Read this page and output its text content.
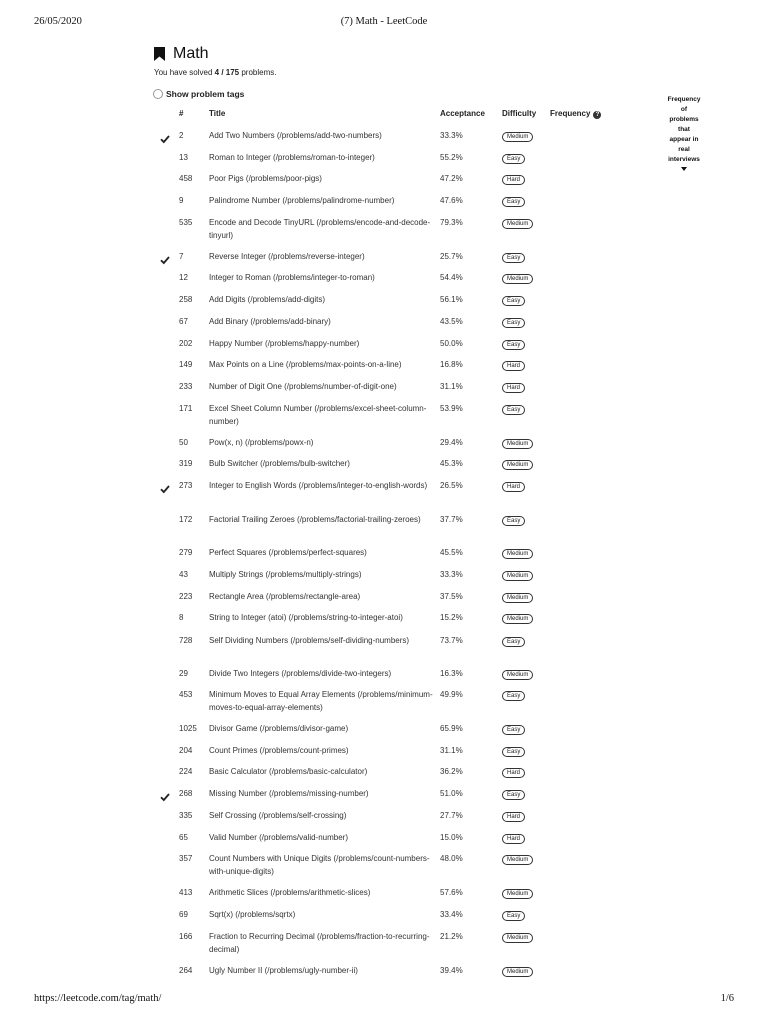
26/05/2020	(7) Math - LeetCode
Math
You have solved 4 / 175 problems.
Show problem tags
#	Title	Acceptance Difficulty Frequency ?
Frequency
of
problems
that
appear in
real
interviews
2	Add Two Numbers (/problems/add-two-numbers)	33.3%	Medium
13	Roman to Integer (/problems/roman-to-integer)	55.2%	Easy
458 Poor Pigs (/problems/poor-pigs)	47.2%	Hard
9	Palindrome Number (/problems/palindrome-number)	47.6%	Easy
535 Encode and Decode TinyURL (/problems/encode-and-decode-tinyurl)
79.3%	Medium
7	Reverse Integer (/problems/reverse-integer)	25.7%	Easy
12	Integer to Roman (/problems/integer-to-roman)	54.4%	Medium
258 Add Digits (/problems/add-digits)	56.1%	Easy
67	Add Binary (/problems/add-binary)	43.5%	Easy
202 Happy Number (/problems/happy-number)	50.0%	Easy
149 Max Points on a Line (/problems/max-points-on-a-line)	16.8%	Hard
233 Number of Digit One (/problems/number-of-digit-one)	31.1%	Hard
171 Excel Sheet Column Number (/problems/excel-sheet-column-number)
53.9%	Easy
50	Pow(x, n) (/problems/powx-n)	29.4%	Medium
319 Bulb Switcher (/problems/bulb-switcher)	45.3%	Medium
273 Integer to English Words (/problems/integer-to-english-words)	26.5%	Hard
172 Factorial Trailing Zeroes (/problems/factorial-trailing-zeroes)	37.7%	Easy
279 Perfect Squares (/problems/perfect-squares)	45.5%	Medium
43	Multiply Strings (/problems/multiply-strings)	33.3%	Medium
223 Rectangle Area (/problems/rectangle-area)	37.5%	Medium
8	String to Integer (atoi) (/problems/string-to-integer-atoi)	15.2%	Medium
728 Self Dividing Numbers (/problems/self-dividing-numbers)	73.7%	Easy
29	Divide Two Integers (/problems/divide-two-integers)	16.3%	Medium
453 Minimum Moves to Equal Array Elements (/problems/minimum-moves-to-equal-array-elements)
49.9%	Easy
1025 Divisor Game (/problems/divisor-game)	65.9%	Easy
204 Count Primes (/problems/count-primes)	31.1%	Easy
224 Basic Calculator (/problems/basic-calculator)	36.2%	Hard
268 Missing Number (/problems/missing-number)	51.0%	Easy
335 Self Crossing (/problems/self-crossing)	27.7%	Hard
65	Valid Number (/problems/valid-number)	15.0%	Hard
357 Count Numbers with Unique Digits (/problems/count-numbers-with-unique-digits)
48.0%	Medium
413 Arithmetic Slices (/problems/arithmetic-slices)	57.6%	Medium
69	Sqrt(x) (/problems/sqrtx)	33.4%	Easy
166 Fraction to Recurring Decimal (/problems/fraction-to-recurring-decimal)
21.2%	Medium
264 Ugly Number II (/problems/ugly-number-ii)	39.4%	Medium
https://leetcode.com/tag/math/	1/6
